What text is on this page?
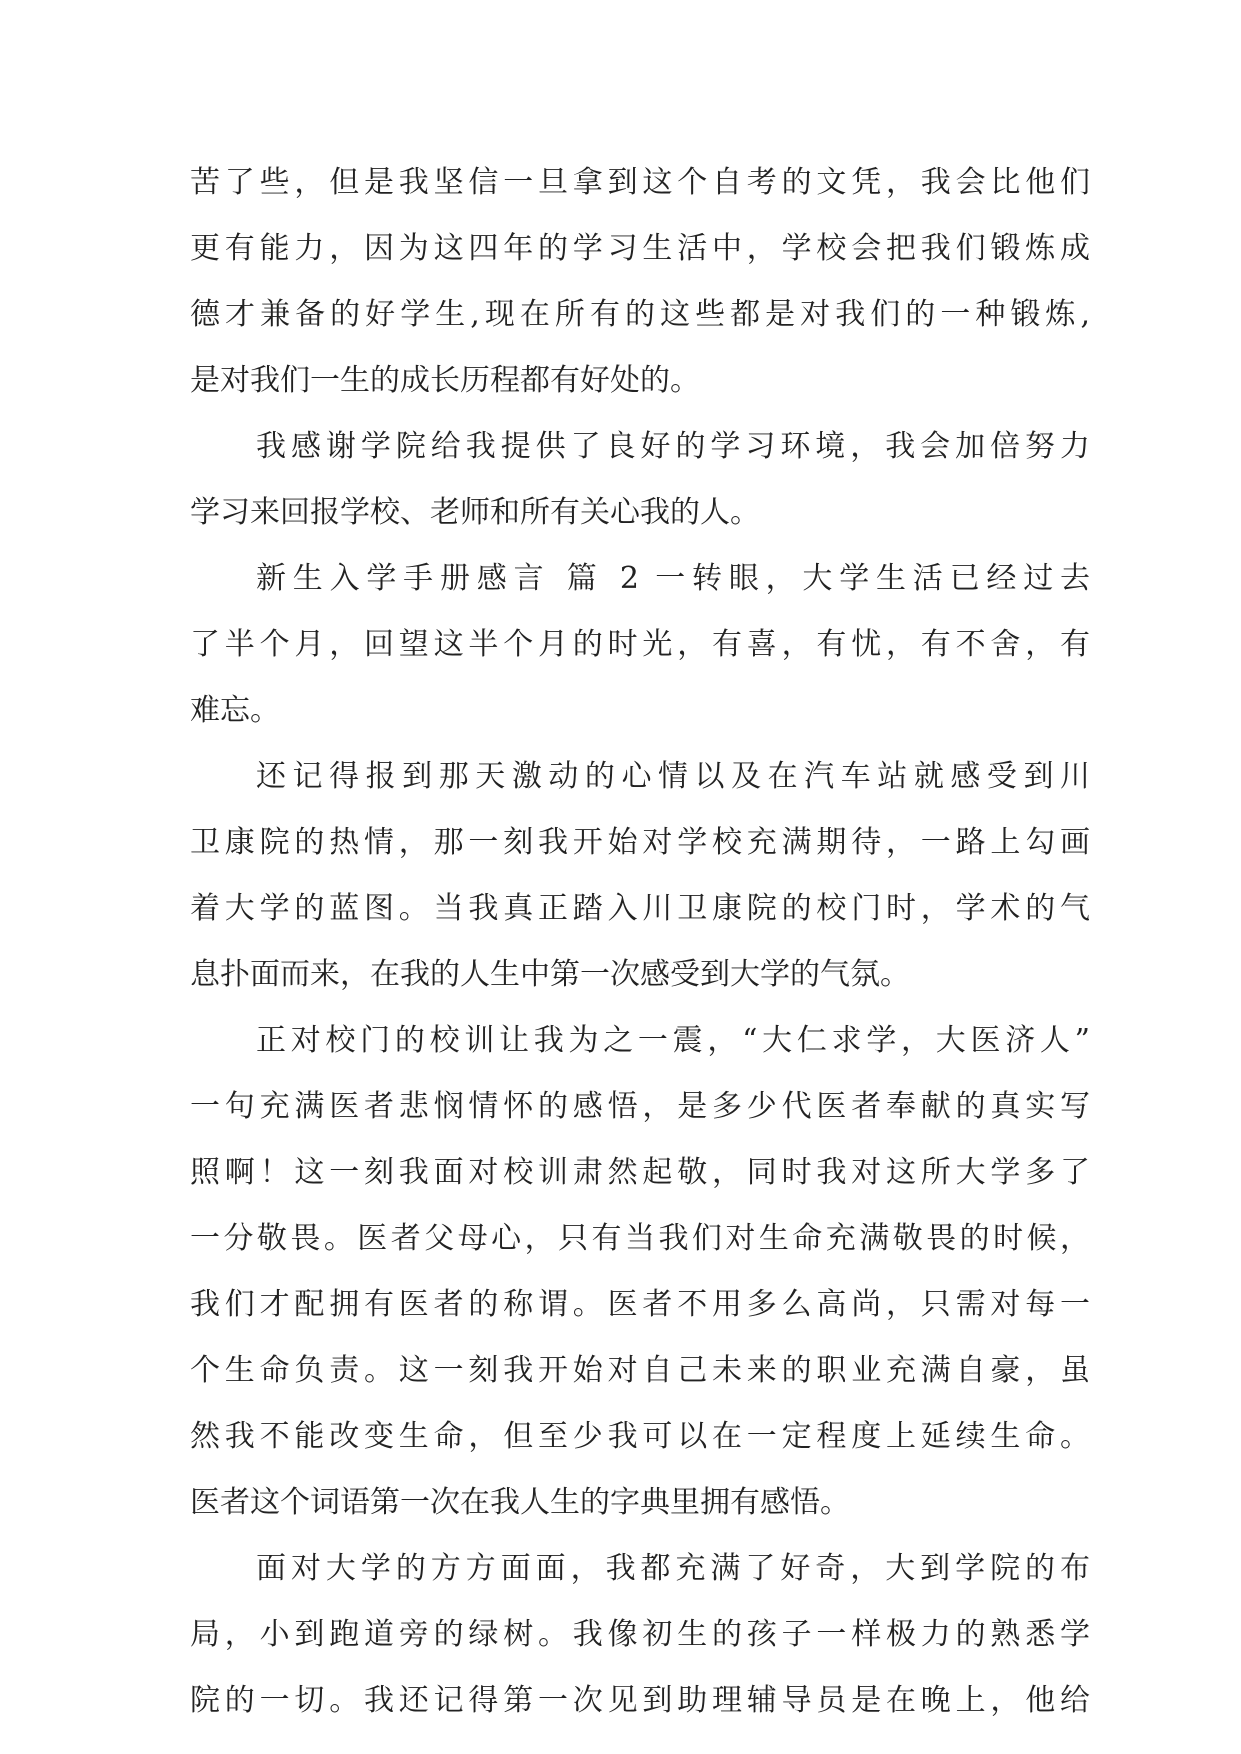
苦了些，但是我坚信一旦拿到这个自考的文凭，我会比他们
更有能力，因为这四年的学习生活中，学校会把我们锻炼成
德才兼备的好学生,现在所有的这些都是对我们的一种锻炼,
是对我们一生的成长历程都有好处的。
我感谢学院给我提供了良好的学习环境，我会加倍努力
学习来回报学校、老师和所有关心我的人。
新生入学手册感言 篇 2 一转眼，大学生活已经过去
了半个月，回望这半个月的时光，有喜，有忧，有不舍，有
难忘。
还记得报到那天激动的心情以及在汽车站就感受到川
卫康院的热情，那一刻我开始对学校充满期待，一路上勾画
着大学的蓝图。当我真正踏入川卫康院的校门时，学术的气
息扑面而来，在我的人生中第一次感受到大学的气氛。
正对校门的校训让我为之一震，“大仁求学，大医济人”
一句充满医者悲悯情怀的感悟，是多少代医者奉献的真实写
照啊！这一刻我面对校训肃然起敬，同时我对这所大学多了
一分敬畏。医者父母心，只有当我们对生命充满敬畏的时候，
我们才配拥有医者的称谓。医者不用多么高尚，只需对每一
个生命负责。这一刻我开始对自己未来的职业充满自豪，虽
然我不能改变生命，但至少我可以在一定程度上延续生命。
医者这个词语第一次在我人生的字典里拥有感悟。
面对大学的方方面面，我都充满了好奇，大到学院的布
局，小到跑道旁的绿树。我像初生的孩子一样极力的熟悉学
院的一切。我还记得第一次见到助理辅导员是在晚上，他给
